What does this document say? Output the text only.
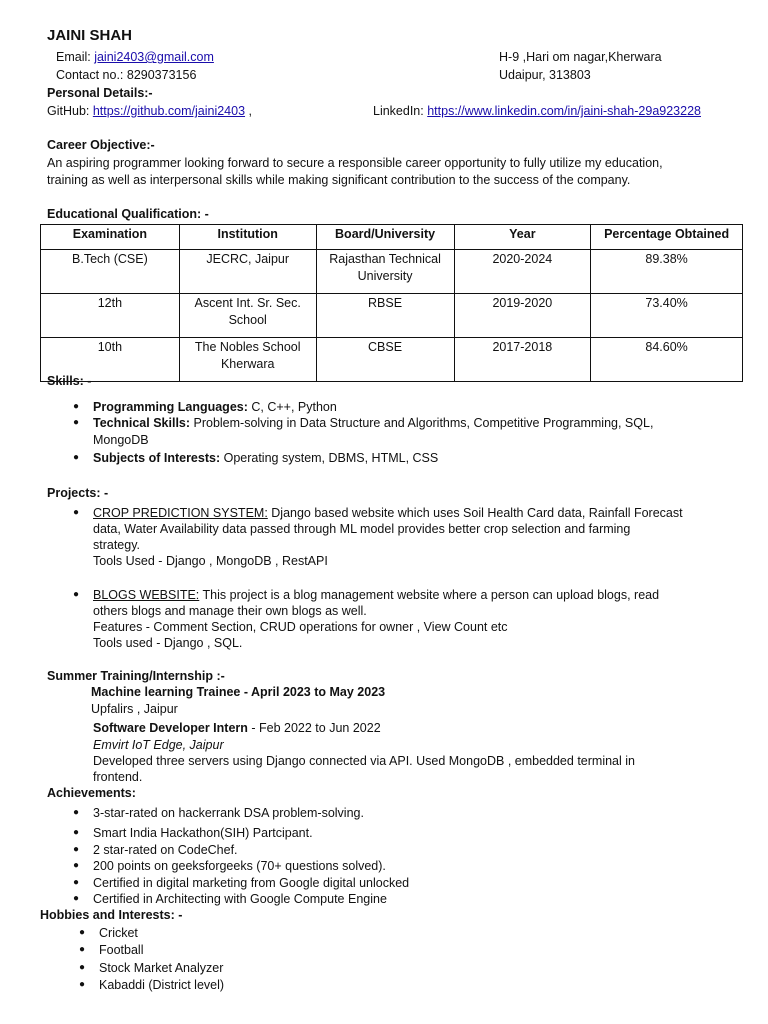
JAINI SHAH
Email: jaini2403@gmail.com
Contact no.: 8290373156
H-9 ,Hari om nagar,Kherwara
Udaipur, 313803
Personal Details:-
GitHub: https://github.com/jaini2403 ,	LinkedIn: https://www.linkedin.com/in/jaini-shah-29a923228
Career Objective:-
An aspiring programmer looking forward to secure a responsible career opportunity to fully utilize my education,
training as well as interpersonal skills while making significant contribution to the success of the company.
Educational Qualification: -
Examination	Institution	Board/University	Year	Percentage Obtained
B.Tech (CSE)	JECRC, Jaipur	Rajasthan Technical University	2020-2024	89.38%
12th	Ascent Int. Sr. Sec. School	RBSE	2019-2020	73.40%
10th	The Nobles School Kherwara	CBSE	2017-2018	84.60%
Skills: -
●	Programming Languages: C, C++, Python
●	Technical Skills: Problem-solving in Data Structure and Algorithms, Competitive Programming, SQL,
MongoDB
●	Subjects of Interests: Operating system, DBMS, HTML, CSS
Projects: -
●	CROP PREDICTION SYSTEM: Django based website which uses Soil Health Card data, Rainfall Forecast
data, Water Availability data passed through ML model provides better crop selection and farming
strategy.
Tools Used - Django , MongoDB , RestAPI
●	BLOGS WEBSITE: This project is a blog management website where a person can upload blogs, read
others blogs and manage their own blogs as well.
Features - Comment Section, CRUD operations for owner , View Count etc
Tools used - Django , SQL.
Summer Training/Internship :-
Machine learning Trainee - April 2023 to May 2023
Upfalirs , Jaipur
Software Developer Intern - Feb 2022 to Jun 2022
Emvirt IoT Edge, Jaipur
Developed three servers using Django connected via API. Used MongoDB , embedded terminal in
frontend.
Achievements:
●	3-star-rated on hackerrank DSA problem-solving.
●	Smart India Hackathon(SIH) Partcipant.
●	2 star-rated on CodeChef.
●	200 points on geeksforgeeks (70+ questions solved).
●	Certified in digital marketing from Google digital unlocked
●	Certified in Architecting with Google Compute Engine
Hobbies and Interests: -
●	Cricket
●	Football
●	Stock Market Analyzer
●	Kabaddi (District level)
